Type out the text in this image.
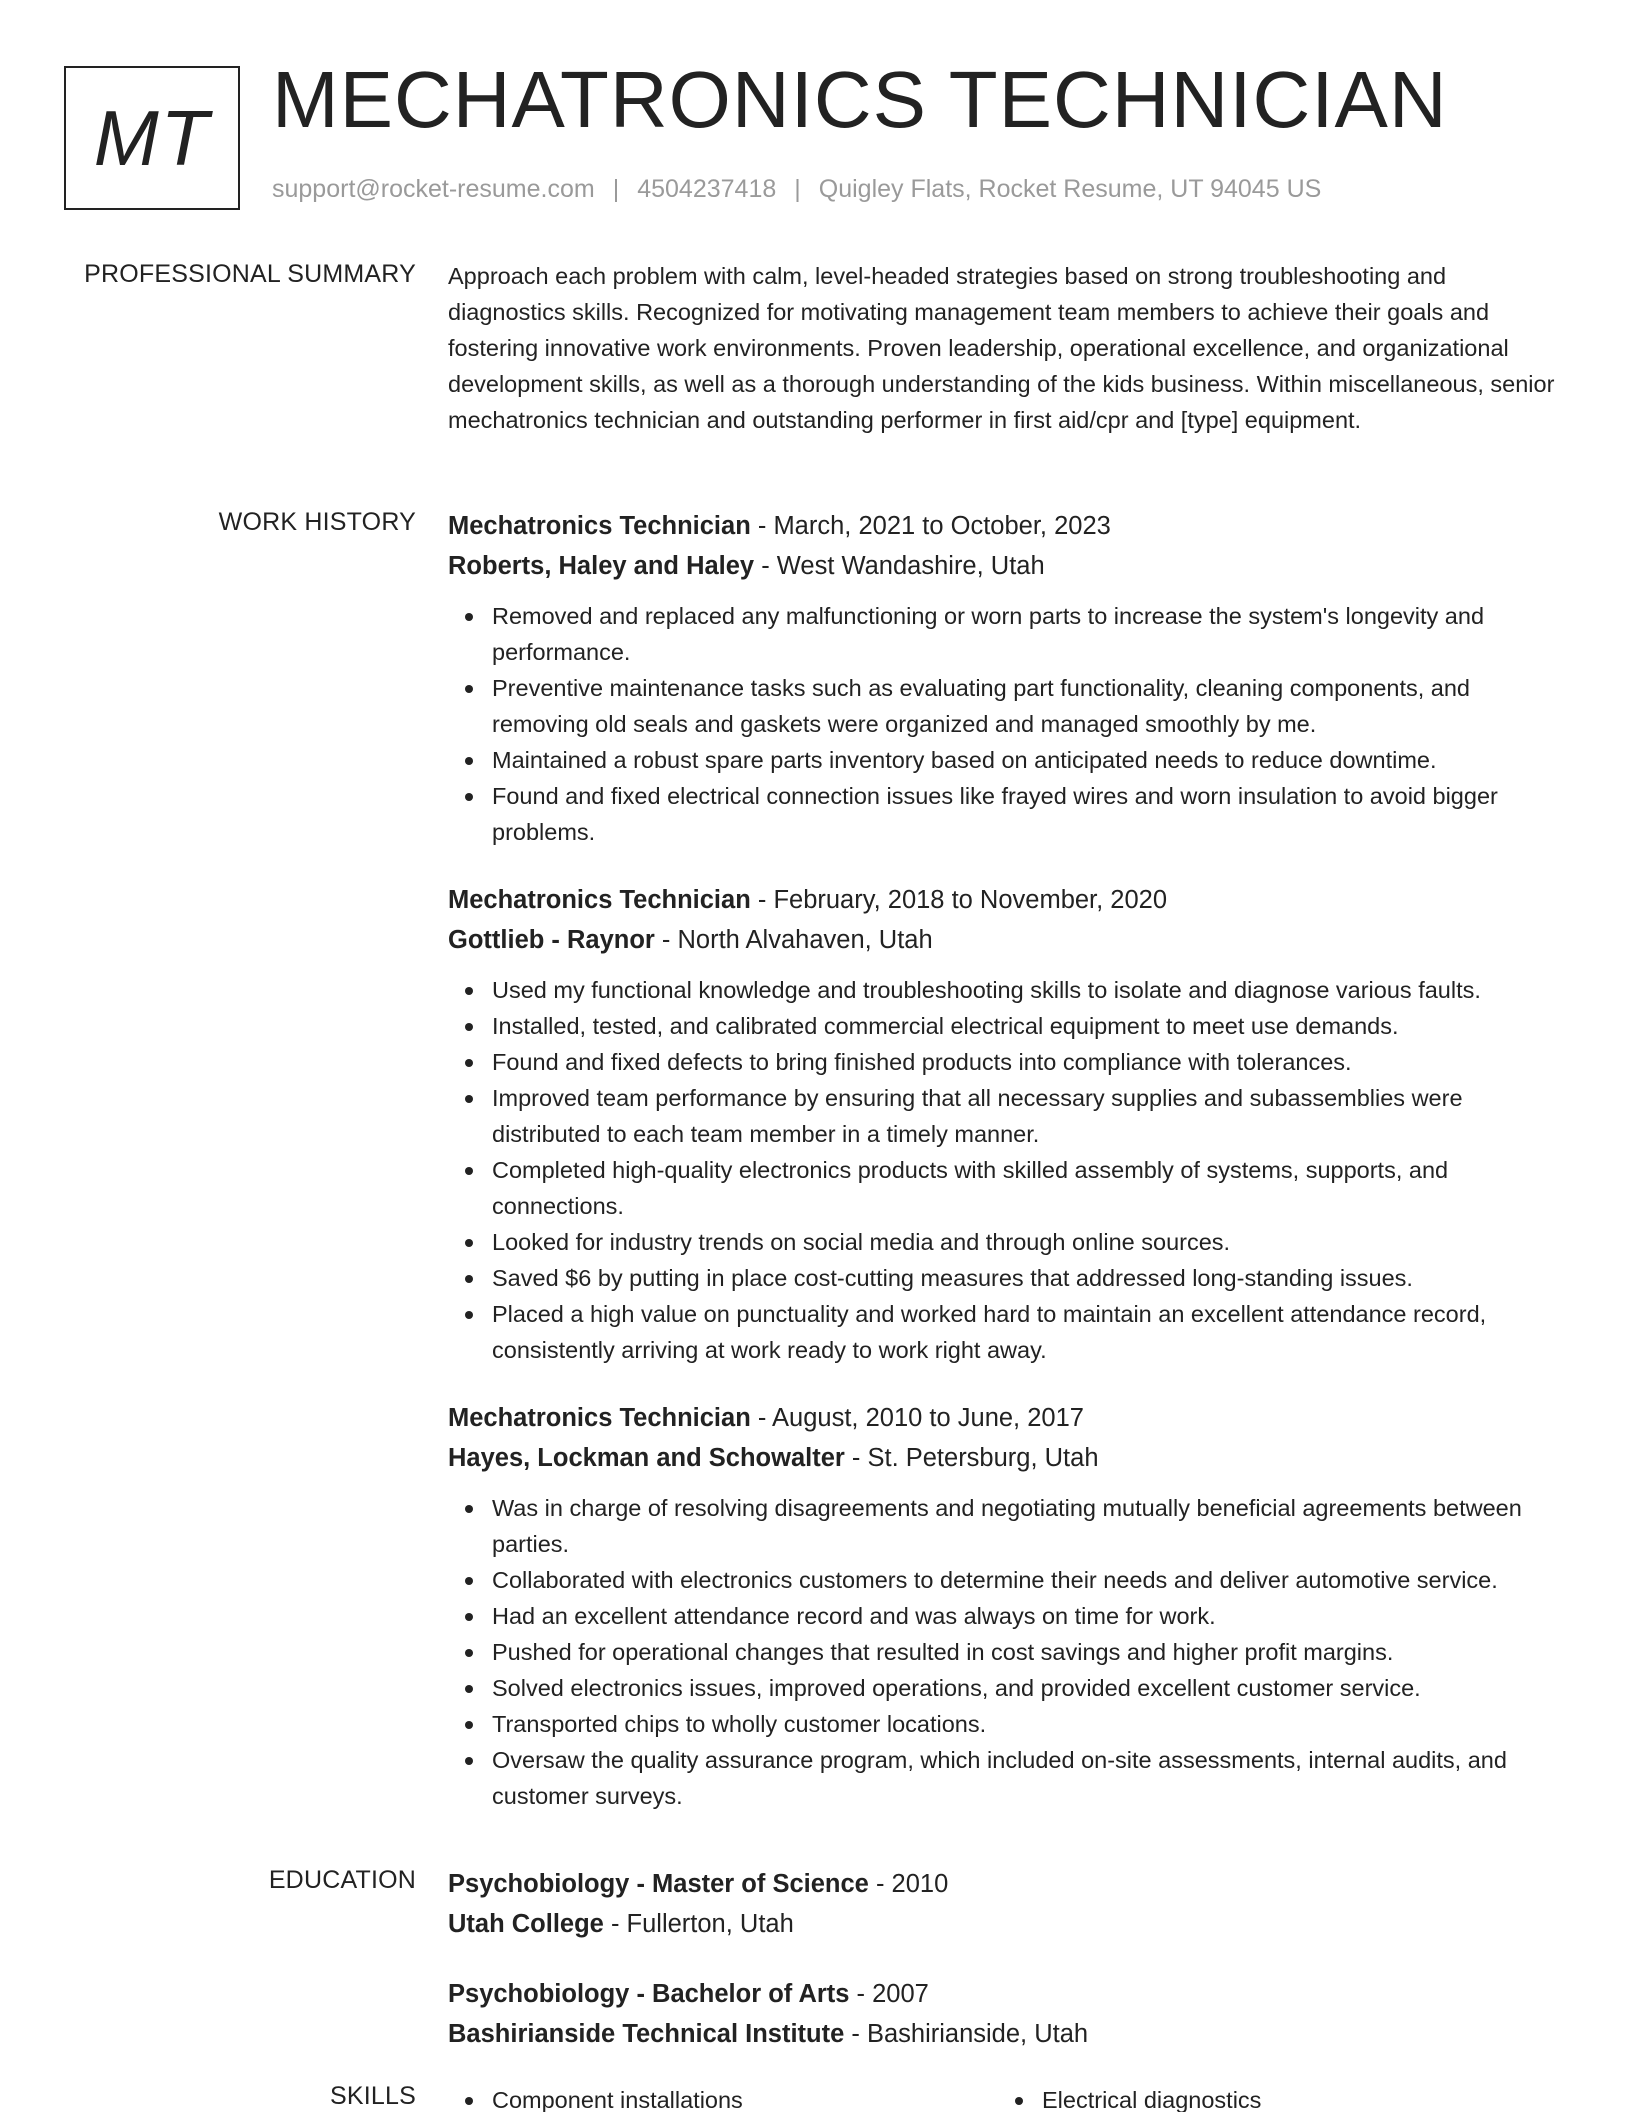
MT MECHATRONICS TECHNICIAN
support@rocket-resume.com | 4504237418 | Quigley Flats, Rocket Resume, UT 94045 US
PROFESSIONAL SUMMARY Approach each problem with calm, level-headed strategies based on strong troubleshooting and diagnostics skills. Recognized for motivating management team members to achieve their goals and fostering innovative work environments. Proven leadership, operational excellence, and organizational development skills, as well as a thorough understanding of the kids business. Within miscellaneous, senior mechatronics technician and outstanding performer in first aid/cpr and [type] equipment.
WORK HISTORY Mechatronics Technician - March, 2021 to October, 2023
Roberts, Haley and Haley - West Wandashire, Utah
Removed and replaced any malfunctioning or worn parts to increase the system's longevity and performance.
Preventive maintenance tasks such as evaluating part functionality, cleaning components, and removing old seals and gaskets were organized and managed smoothly by me.
Maintained a robust spare parts inventory based on anticipated needs to reduce downtime.
Found and fixed electrical connection issues like frayed wires and worn insulation to avoid bigger problems.
Mechatronics Technician - February, 2018 to November, 2020
Gottlieb - Raynor - North Alvahaven, Utah
Used my functional knowledge and troubleshooting skills to isolate and diagnose various faults.
Installed, tested, and calibrated commercial electrical equipment to meet use demands.
Found and fixed defects to bring finished products into compliance with tolerances.
Improved team performance by ensuring that all necessary supplies and subassemblies were distributed to each team member in a timely manner.
Completed high-quality electronics products with skilled assembly of systems, supports, and connections.
Looked for industry trends on social media and through online sources.
Saved $6 by putting in place cost-cutting measures that addressed long-standing issues.
Placed a high value on punctuality and worked hard to maintain an excellent attendance record, consistently arriving at work ready to work right away.
Mechatronics Technician - August, 2010 to June, 2017
Hayes, Lockman and Schowalter - St. Petersburg, Utah
Was in charge of resolving disagreements and negotiating mutually beneficial agreements between parties.
Collaborated with electronics customers to determine their needs and deliver automotive service.
Had an excellent attendance record and was always on time for work.
Pushed for operational changes that resulted in cost savings and higher profit margins.
Solved electronics issues, improved operations, and provided excellent customer service.
Transported chips to wholly customer locations.
Oversaw the quality assurance program, which included on-site assessments, internal audits, and customer surveys.
EDUCATION Psychobiology - Master of Science - 2010
Utah College - Fullerton, Utah
Psychobiology - Bachelor of Arts - 2007
Bashirianside Technical Institute - Bashirianside, Utah
SKILLS	Component installations	Electrical diagnostics
